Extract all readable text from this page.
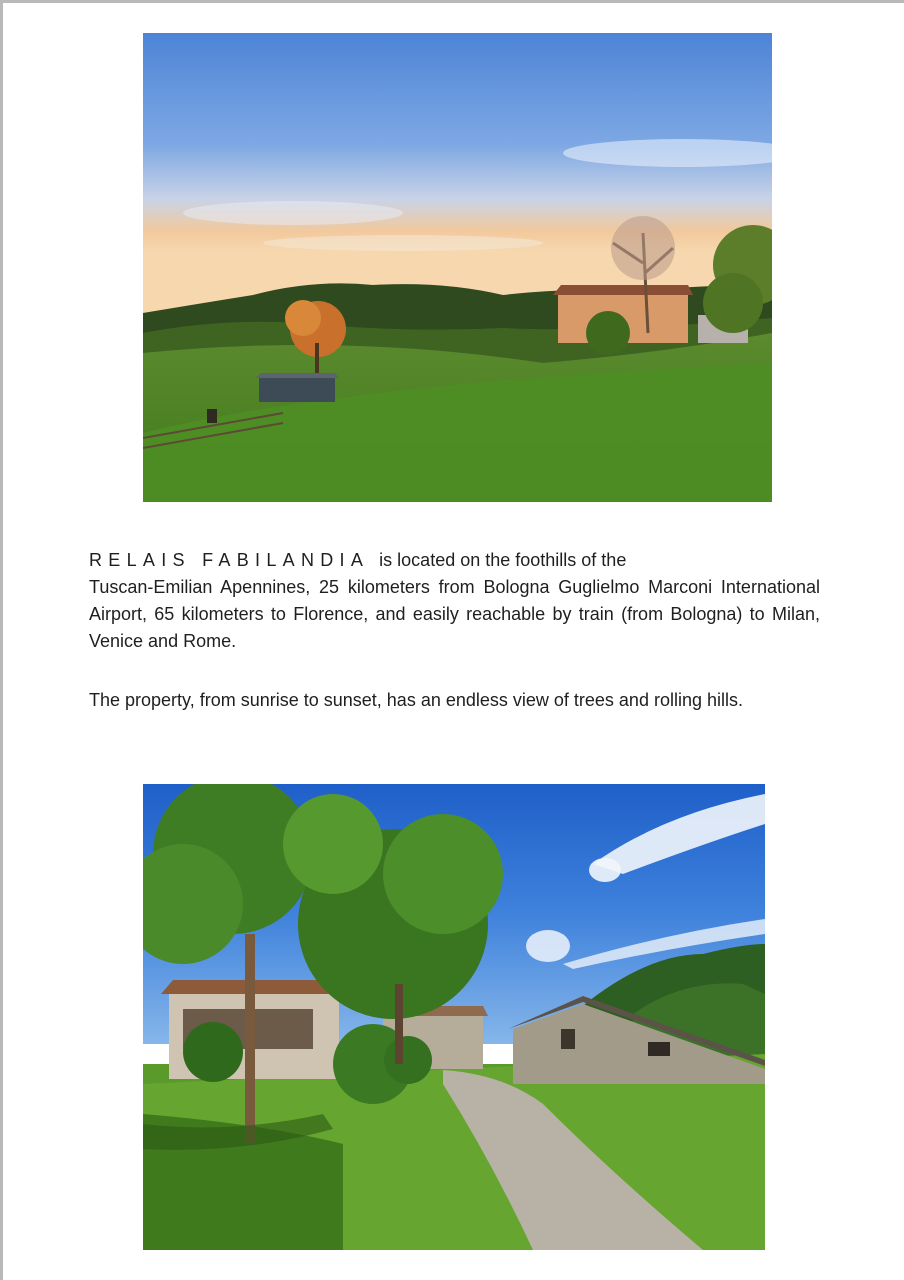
RELAIS FABILANDIA is located on the foothills of the
Tuscan-Emilian Apennines, 25 kilometers from Bologna Guglielmo Marconi International Airport, 65 kilometers to Florence, and easily reachable by train (from Bologna) to Milan, Venice and Rome.
The property, from sunrise to sunset, has an endless view of trees and rolling hills.
